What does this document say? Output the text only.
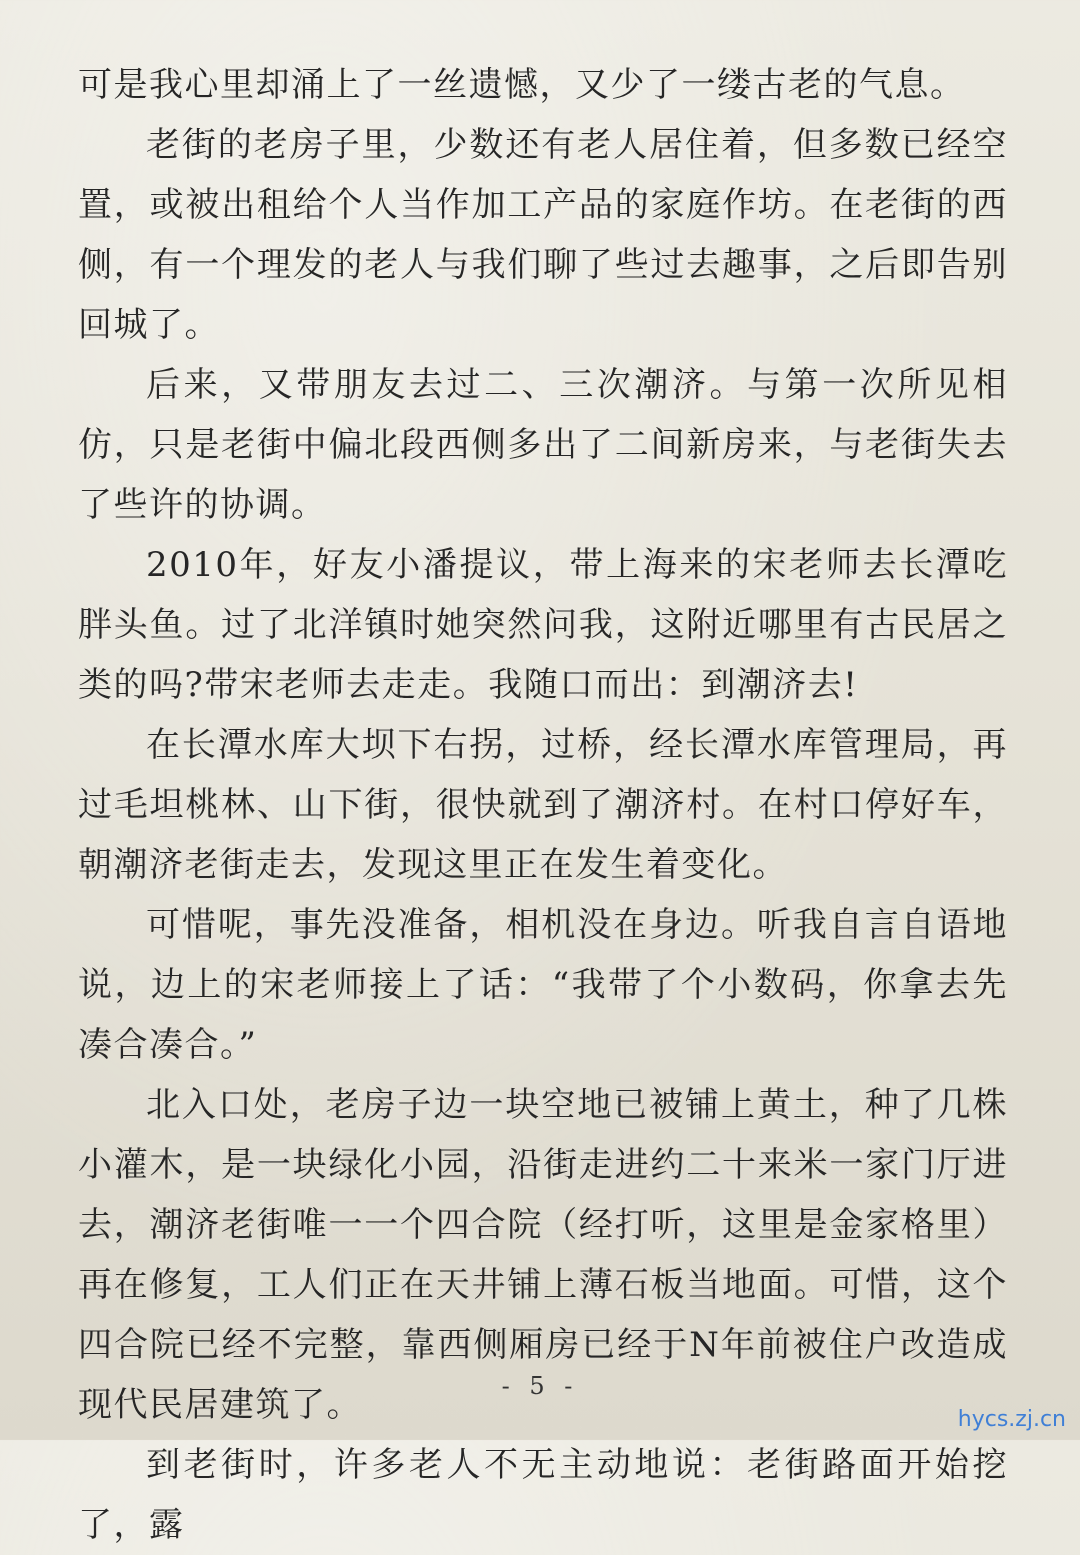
可是我心里却涌上了一丝遗憾，又少了一缕古老的气息。

老街的老房子里，少数还有老人居住着，但多数已经空置，或被出租给个人当作加工产品的家庭作坊。在老街的西侧，有一个理发的老人与我们聊了些过去趣事，之后即告别回城了。

后来，又带朋友去过二、三次潮济。与第一次所见相仿，只是老街中偏北段西侧多出了二间新房来，与老街失去了些许的协调。

2010年，好友小潘提议，带上海来的宋老师去长潭吃胖头鱼。过了北洋镇时她突然问我，这附近哪里有古民居之类的吗?带宋老师去走走。我随口而出：到潮济去!

在长潭水库大坝下右拐，过桥，经长潭水库管理局，再过毛坦桃林、山下街，很快就到了潮济村。在村口停好车，朝潮济老街走去，发现这里正在发生着变化。

可惜呢，事先没准备，相机没在身边。听我自言自语地说，边上的宋老师接上了话：“我带了个小数码，你拿去先凑合凑合。”

北入口处，老房子边一块空地已被铺上黄土，种了几株小灌木，是一块绿化小园，沿街走进约二十来米一家门厅进去，潮济老街唯一一个四合院（经打听，这里是金家格里）再在修复，工人们正在天井铺上薄石板当地面。可惜，这个四合院已经不完整，靠西侧厢房已经于N年前被住户改造成现代民居建筑了。

到老街时，许多老人不无主动地说：老街路面开始挖了，露

- 5 -
hycs.zj.cn
